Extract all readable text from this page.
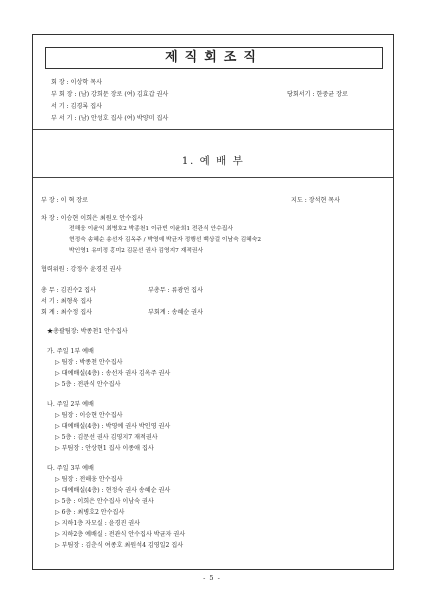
제직회조직
회 장 : 이상학 목사
부 회 장 : (남) 강희문 장로 (여) 김효갑 권사	당회서기 : 한중균 장로
서 기 : 김경록 집사
부 서 기 : (남) 안성호 집사 (여) 박양미 집사
1. 예 배 부
부 장 : 이 혁 장로	지도 : 장석현 목사
차 장 : 이승현 이희은 최원오 안수집사
전해웅 이윤익 최병호2 박종천1 이규빈 이윤희1 전관식 안수집사
현정숙 송혜순 송선자 김옥주 / 박영예 박균자 정행선 백상걸 이남숙 김혜숙2
박인영1 유미정 홍미2 김문선 권사 김영지7 재적권사
협력위원 : 강정수 윤경진 권사
총 무 : 김진수2 집사	부총무 : 류광언 집사
서 기 : 최형욱 집사
회 계 : 최수정 집사	부회계 : 송혜순 권사
★총괄팀장: 박종천1 안수집사
가. 주일 1부 예배
▷ 팀장 : 박종천 안수집사
▷ 대예배실(4층) : 송선자 권사 김옥주 권사
▷ 5층 : 전관식 안수집사
나. 주일 2부 예배
▷ 팀장 : 이승현 안수집사
▷ 대예배실(4층) : 박영예 권사 박인영 권사
▷ 5층 : 김문선 권사 김영지7 재적권사
▷ 부팀장 : 안상현1 집사 이종애 집사
다. 주일 3부 예배
▷ 팀장 : 전해웅 안수집사
▷ 대예배실(4층) : 현정숙 권사 송혜순 권사
▷ 5층 : 이희은 안수집사 이남숙 권사
▷ 6층 : 최병호2 안수집사
▷ 지하1층 자모실 : 윤경진 권사
▷ 지하2층 예배실 : 전관식 안수집사 박균자 권사
▷ 부팀장 : 김춘식 여종호 최원석4 김영일2 집사
- 5 -
